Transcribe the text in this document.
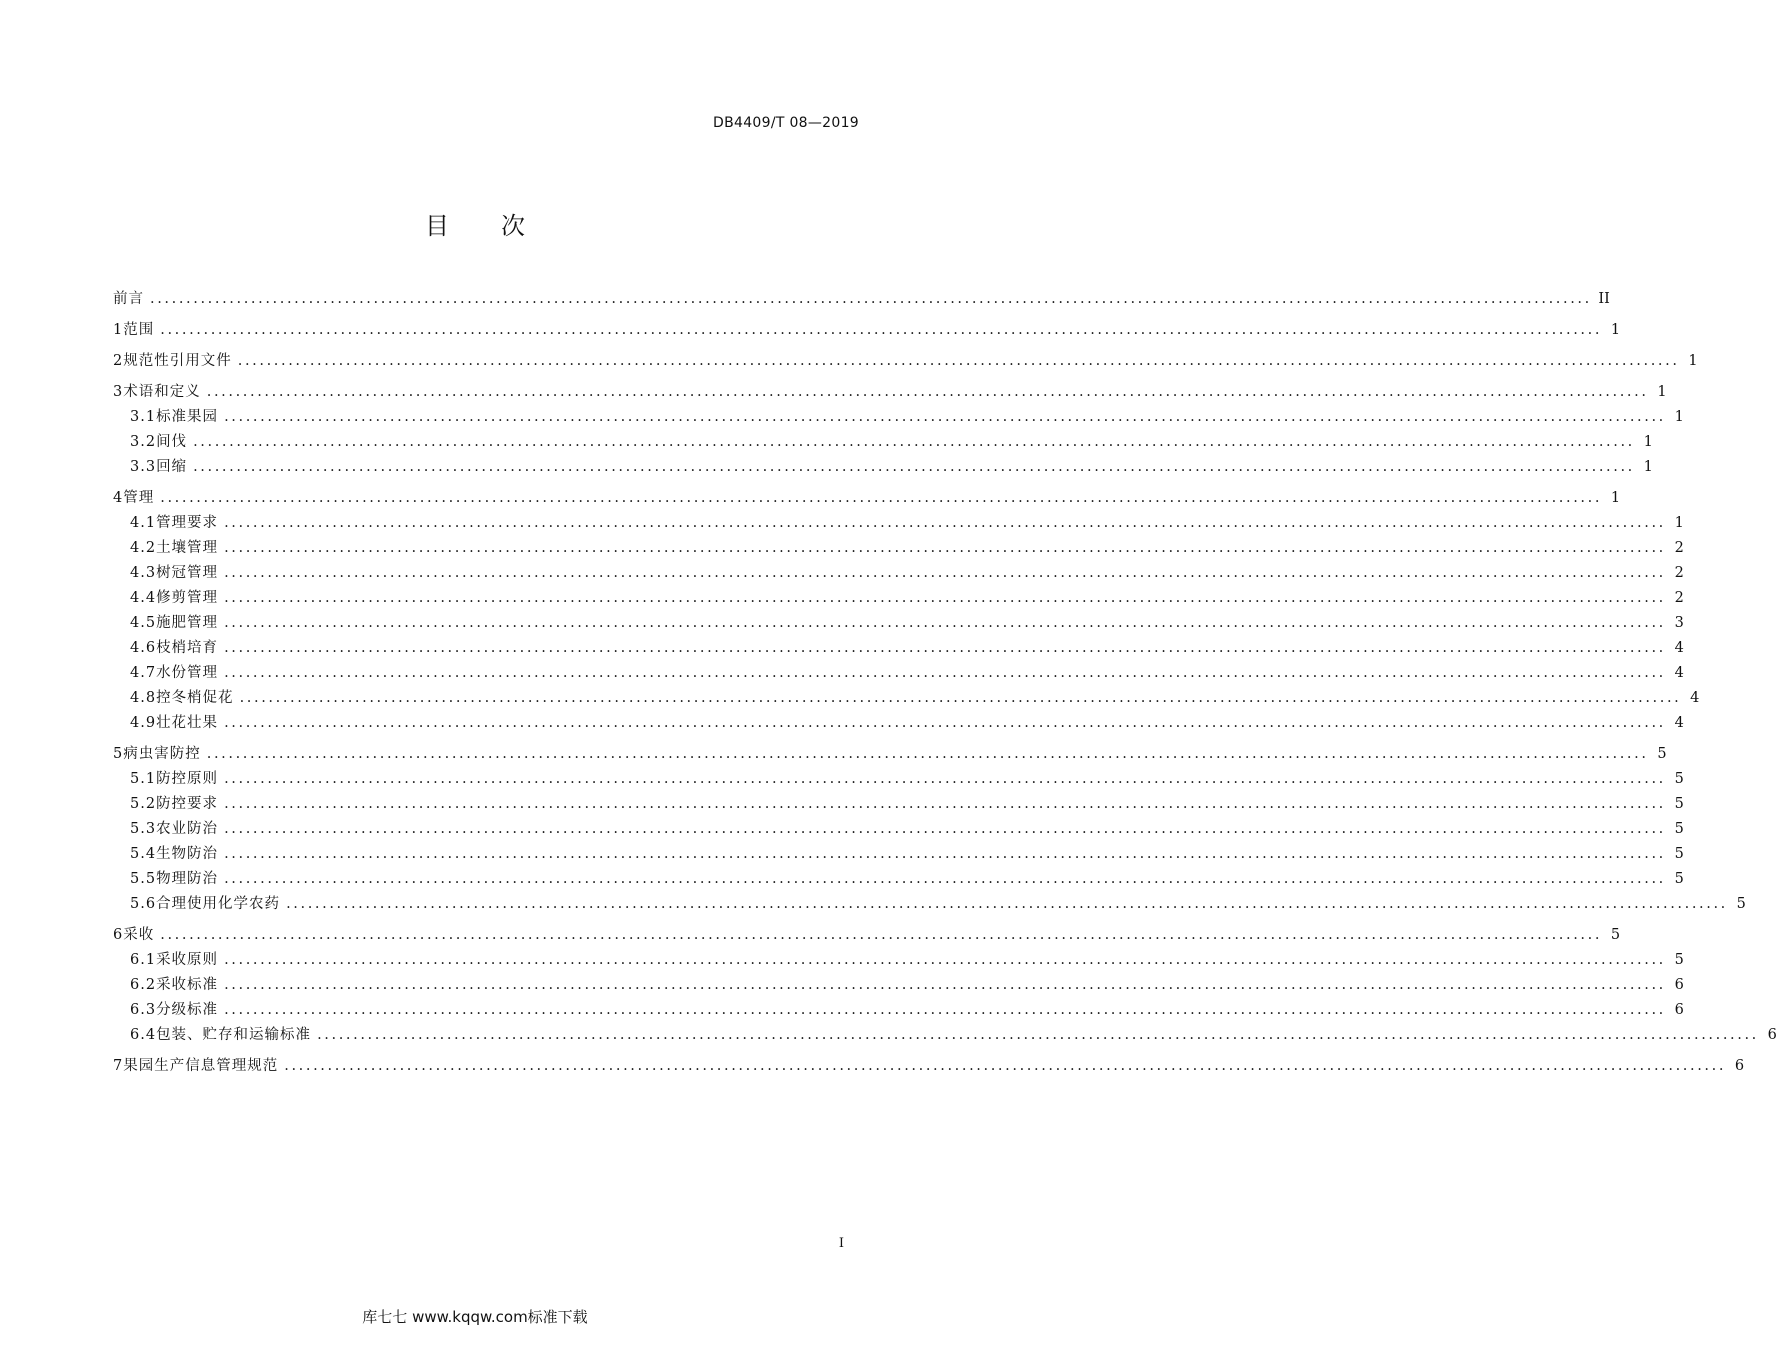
DB4409/T 08—2019
目 次
前言 ........................................................................................................................................................................................................ II
1 范围 ........................................................................................................................................................................................................ 1
2 规范性引用文件 ........................................................................................................................................................................................................ 1
3 术语和定义 ........................................................................................................................................................................................................ 1
3.1 标准果园 ........................................................................................................................................................................................................ 1
3.2 间伐 ........................................................................................................................................................................................................ 1
3.3 回缩 ........................................................................................................................................................................................................ 1
4 管理 ........................................................................................................................................................................................................ 1
4.1 管理要求 ........................................................................................................................................................................................................ 1
4.2 土壤管理 ........................................................................................................................................................................................................ 2
4.3 树冠管理 ........................................................................................................................................................................................................ 2
4.4 修剪管理 ........................................................................................................................................................................................................ 2
4.5 施肥管理 ........................................................................................................................................................................................................ 3
4.6 枝梢培育 ........................................................................................................................................................................................................ 4
4.7 水份管理 ........................................................................................................................................................................................................ 4
4.8 控冬梢促花 ........................................................................................................................................................................................................ 4
4.9 壮花壮果 ........................................................................................................................................................................................................ 4
5 病虫害防控 ........................................................................................................................................................................................................ 5
5.1 防控原则 ........................................................................................................................................................................................................ 5
5.2 防控要求 ........................................................................................................................................................................................................ 5
5.3 农业防治 ........................................................................................................................................................................................................ 5
5.4 生物防治 ........................................................................................................................................................................................................ 5
5.5 物理防治 ........................................................................................................................................................................................................ 5
5.6 合理使用化学农药 ........................................................................................................................................................................................................ 5
6 采收 ........................................................................................................................................................................................................ 5
6.1 采收原则 ........................................................................................................................................................................................................ 5
6.2 采收标准 ........................................................................................................................................................................................................ 6
6.3 分级标准 ........................................................................................................................................................................................................ 6
6.4 包装、贮存和运输标准 ........................................................................................................................................................................................................ 6
7 果园生产信息管理规范 ........................................................................................................................................................................................................ 6
I
库七七 www.kqqw.com标准下载
